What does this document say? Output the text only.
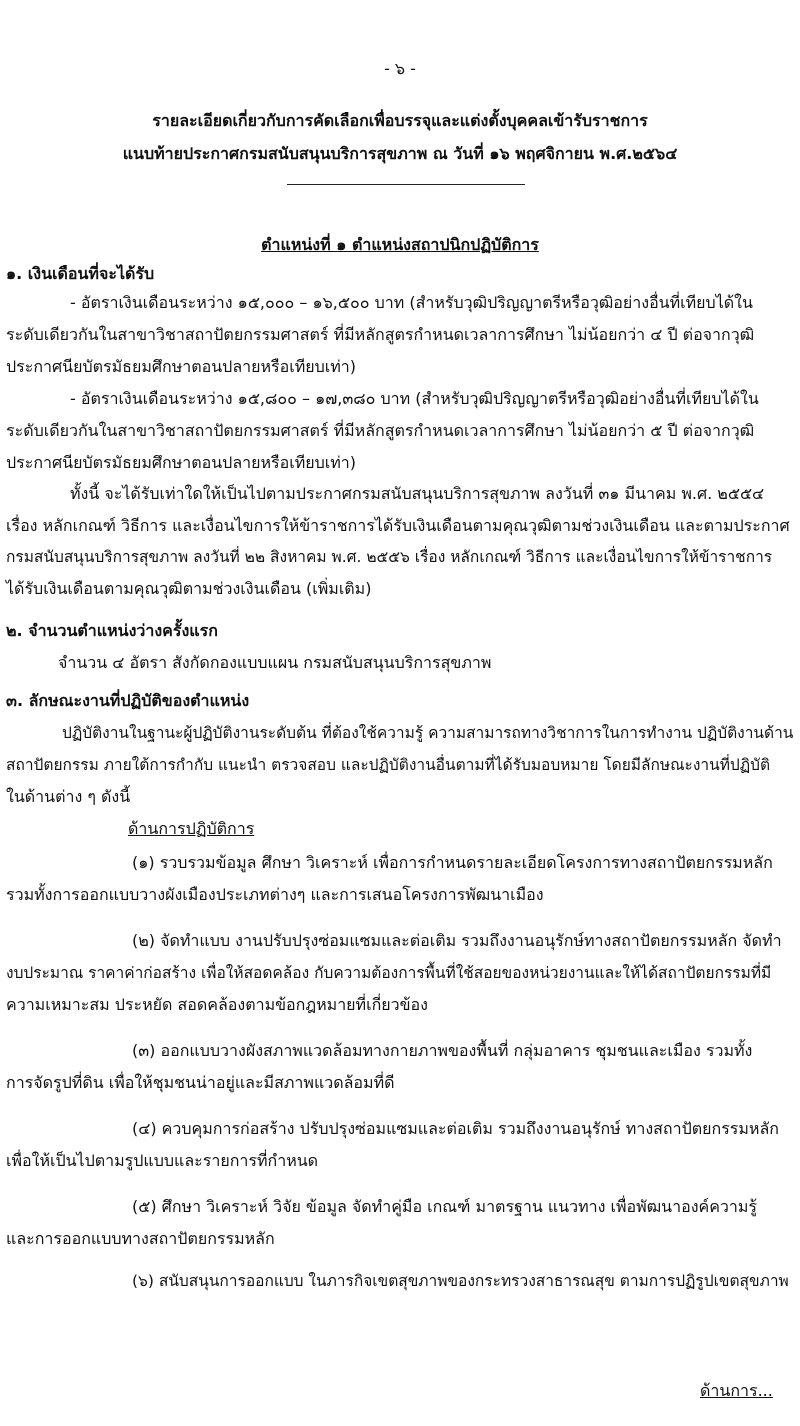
- ๖ -
รายละเอียดเกี่ยวกับการคัดเลือกเพื่อบรรจุและแต่งตั้งบุคคลเข้ารับราชการ
แนบท้ายประกาศกรมสนับสนุนบริการสุขภาพ ณ วันที่ ๑๖ พฤศจิกายน พ.ศ.๒๕๖๔
ตำแหน่งที่ ๑ ตำแหน่งสถาปนิกปฏิบัติการ
๑. เงินเดือนที่จะได้รับ
- อัตราเงินเดือนระหว่าง ๑๕,๐๐๐ – ๑๖,๕๐๐ บาท (สำหรับวุฒิปริญญาตรีหรือวุฒิอย่างอื่นที่เทียบได้ใน
ระดับเดียวกันในสาขาวิชาสถาปัตยกรรมศาสตร์ ที่มีหลักสูตรกำหนดเวลาการศึกษา ไม่น้อยกว่า ๔ ปี ต่อจากวุฒิ
ประกาศนียบัตรมัธยมศึกษาตอนปลายหรือเทียบเท่า)
- อัตราเงินเดือนระหว่าง ๑๕,๘๐๐ – ๑๗,๓๘๐ บาท (สำหรับวุฒิปริญญาตรีหรือวุฒิอย่างอื่นที่เทียบได้ใน
ระดับเดียวกันในสาขาวิชาสถาปัตยกรรมศาสตร์ ที่มีหลักสูตรกำหนดเวลาการศึกษา ไม่น้อยกว่า ๕ ปี ต่อจากวุฒิ
ประกาศนียบัตรมัธยมศึกษาตอนปลายหรือเทียบเท่า)
ทั้งนี้ จะได้รับเท่าใดให้เป็นไปตามประกาศกรมสนับสนุนบริการสุขภาพ ลงวันที่ ๓๑ มีนาคม พ.ศ. ๒๕๕๔
เรื่อง หลักเกณฑ์ วิธีการ และเงื่อนไขการให้ข้าราชการได้รับเงินเดือนตามคุณวุฒิตามช่วงเงินเดือน และตามประกาศ
กรมสนับสนุนบริการสุขภาพ ลงวันที่ ๒๒ สิงหาคม พ.ศ. ๒๕๕๖ เรื่อง หลักเกณฑ์ วิธีการ และเงื่อนไขการให้ข้าราชการ
ได้รับเงินเดือนตามคุณวุฒิตามช่วงเงินเดือน (เพิ่มเติม)
๒. จำนวนตำแหน่งว่างครั้งแรก
จำนวน ๔ อัตรา สังกัดกองแบบแผน กรมสนับสนุนบริการสุขภาพ
๓. ลักษณะงานที่ปฏิบัติของตำแหน่ง
ปฏิบัติงานในฐานะผู้ปฏิบัติงานระดับต้น ที่ต้องใช้ความรู้ ความสามารถทางวิชาการในการทำงาน ปฏิบัติงานด้าน
สถาปัตยกรรม ภายใต้การกำกับ แนะนำ ตรวจสอบ และปฏิบัติงานอื่นตามที่ได้รับมอบหมาย โดยมีลักษณะงานที่ปฏิบัติ
ในด้านต่าง ๆ ดังนี้
ด้านการปฏิบัติการ
(๑) รวบรวมข้อมูล ศึกษา วิเคราะห์ เพื่อการกำหนดรายละเอียดโครงการทางสถาปัตยกรรมหลัก
รวมทั้งการออกแบบวางผังเมืองประเภทต่างๆ และการเสนอโครงการพัฒนาเมือง
(๒) จัดทำแบบ งานปรับปรุงซ่อมแซมและต่อเติม รวมถึงงานอนุรักษ์ทางสถาปัตยกรรมหลัก จัดทำ
งบประมาณ ราคาค่าก่อสร้าง เพื่อให้สอดคล้อง กับความต้องการพื้นที่ใช้สอยของหน่วยงานและให้ได้สถาปัตยกรรมที่มี
ความเหมาะสม ประหยัด สอดคล้องตามข้อกฎหมายที่เกี่ยวข้อง
(๓) ออกแบบวางผังสภาพแวดล้อมทางกายภาพของพื้นที่ กลุ่มอาคาร ชุมชนและเมือง รวมทั้ง
การจัดรูปที่ดิน เพื่อให้ชุมชนน่าอยู่และมีสภาพแวดล้อมที่ดี
(๔) ควบคุมการก่อสร้าง ปรับปรุงซ่อมแซมและต่อเติม รวมถึงงานอนุรักษ์ ทางสถาปัตยกรรมหลัก
เพื่อให้เป็นไปตามรูปแบบและรายการที่กำหนด
(๕) ศึกษา วิเคราะห์ วิจัย ข้อมูล จัดทำคู่มือ เกณฑ์ มาตรฐาน แนวทาง เพื่อพัฒนาองค์ความรู้
และการออกแบบทางสถาปัตยกรรมหลัก
(๖) สนับสนุนการออกแบบ ในภารกิจเขตสุขภาพของกระทรวงสาธารณสุข ตามการปฏิรูปเขตสุขภาพ
ด้านการ...
